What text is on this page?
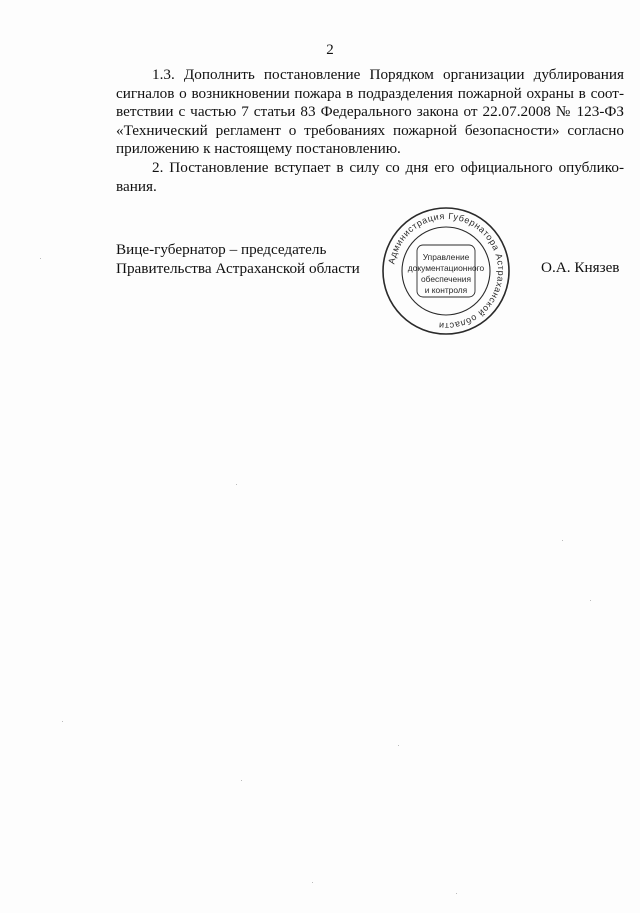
2
1.3. Дополнить постановление Порядком организации дублирования
сигналов о возникновении пожара в подразделения пожарной охраны в соот-
ветствии с частью 7 статьи 83 Федерального закона от 22.07.2008 № 123-ФЗ
«Технический регламент о требованиях пожарной безопасности» согласно
приложению к настоящему постановлению.
2. Постановление вступает в силу со дня его официального опублико-
вания.
Вице-губернатор – председатель
Правительства Астраханской области	О.А. Князев
Администрация Губернатора Астраханской области
Управление
документационного
обеспечения
и контроля
